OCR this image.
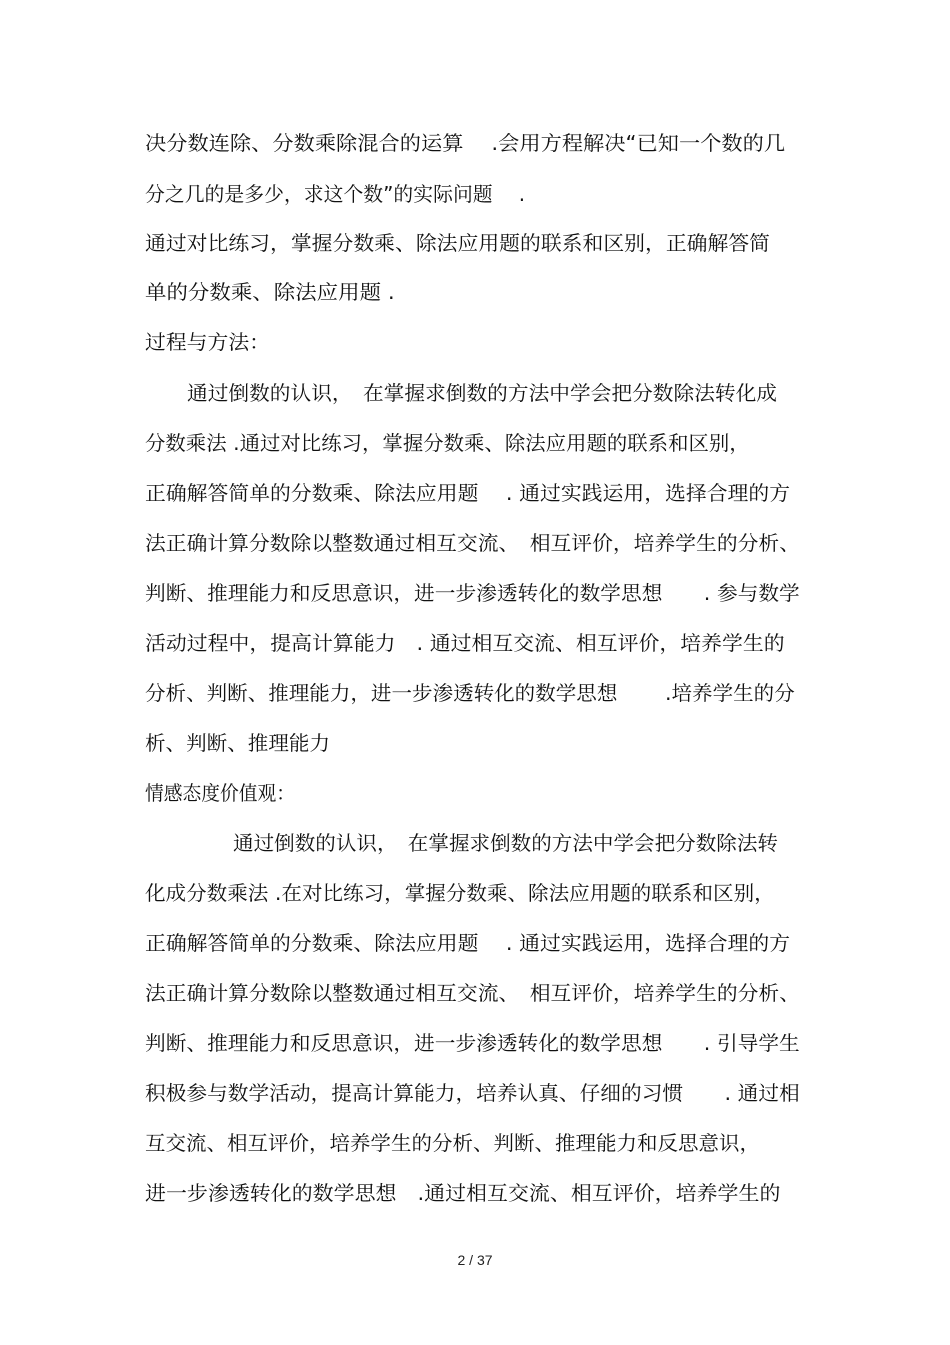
决分数连除、分数乘除混合的运算　 .会用方程解决“已知一个数的几
分之几的是多少，求这个数”的实际问题　 .
通过对比练习，掌握分数乘、除法应用题的联系和区别，正确解答简
单的分数乘、除法应用题 .
过程与方法：
通过倒数的认识，　在掌握求倒数的方法中学会把分数除法转化成
分数乘法 .通过对比练习，掌握分数乘、除法应用题的联系和区别，
正确解答简单的分数乘、除法应用题　 . 通过实践运用，选择合理的方
法正确计算分数除以整数通过相互交流、　相互评价，培养学生的分析、
判断、推理能力和反思意识，进一步渗透转化的数学思想　　. 参与数学
活动过程中，提高计算能力　. 通过相互交流、相互评价，培养学生的
分析、判断、推理能力，进一步渗透转化的数学思想　　 .培养学生的分
析、判断、推理能力
情感态度价值观：
通过倒数的认识，　在掌握求倒数的方法中学会把分数除法转
化成分数乘法 .在对比练习，掌握分数乘、除法应用题的联系和区别，
正确解答简单的分数乘、除法应用题　 . 通过实践运用，选择合理的方
法正确计算分数除以整数通过相互交流、　相互评价，培养学生的分析、
判断、推理能力和反思意识，进一步渗透转化的数学思想　　. 引导学生
积极参与数学活动，提高计算能力，培养认真、仔细的习惯　　. 通过相
互交流、相互评价，培养学生的分析、判断、推理能力和反思意识，
进一步渗透转化的数学思想　.通过相互交流、相互评价，培养学生的
2 / 37
